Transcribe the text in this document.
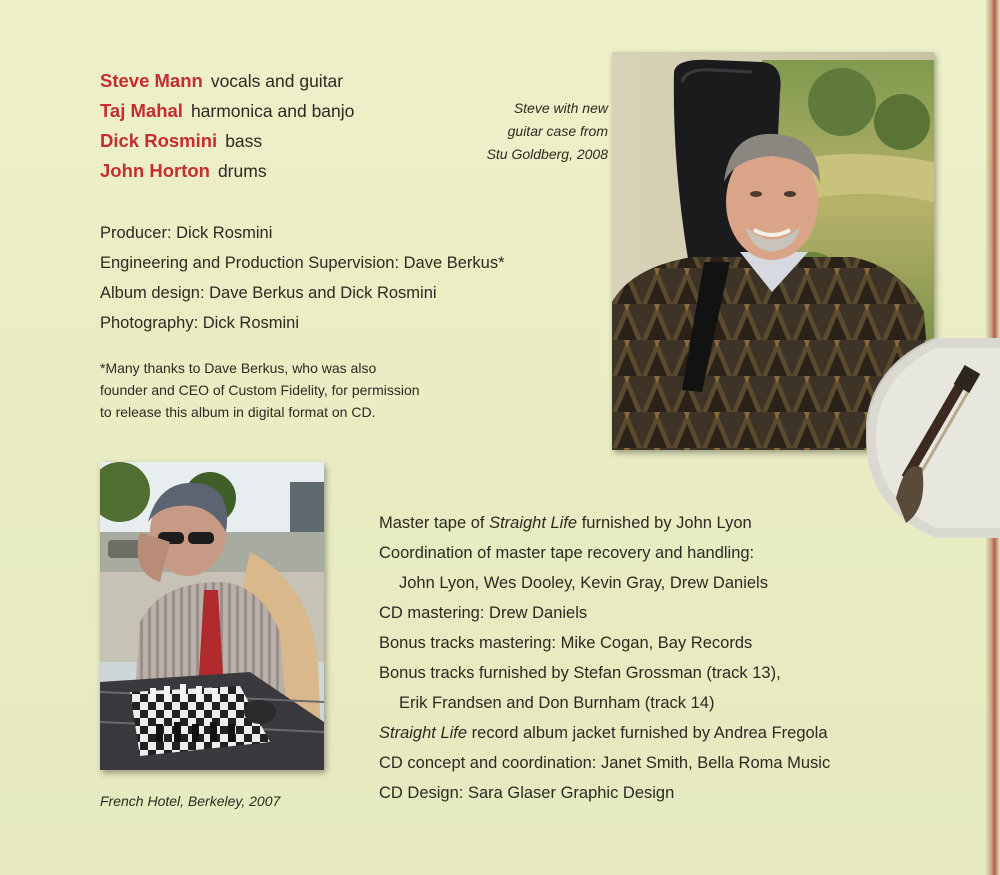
Steve Mann vocals and guitar
Taj Mahal harmonica and banjo
Dick Rosmini bass
John Horton drums
Producer: Dick Rosmini
Engineering and Production Supervision: Dave Berkus*
Album design: Dave Berkus and Dick Rosmini
Photography: Dick Rosmini
*Many thanks to Dave Berkus, who was also
founder and CEO of Custom Fidelity, for permission
to release this album in digital format on CD.
Steve with new
guitar case from
Stu Goldberg, 2008
French Hotel, Berkeley, 2007
Master tape of Straight Life furnished by John Lyon
Coordination of master tape recovery and handling:
John Lyon, Wes Dooley, Kevin Gray, Drew Daniels
CD mastering: Drew Daniels
Bonus tracks mastering: Mike Cogan, Bay Records
Bonus tracks furnished by Stefan Grossman (track 13),
Erik Frandsen and Don Burnham (track 14)
Straight Life record album jacket furnished by Andrea Fregola
CD concept and coordination: Janet Smith, Bella Roma Music
CD Design: Sara Glaser Graphic Design
